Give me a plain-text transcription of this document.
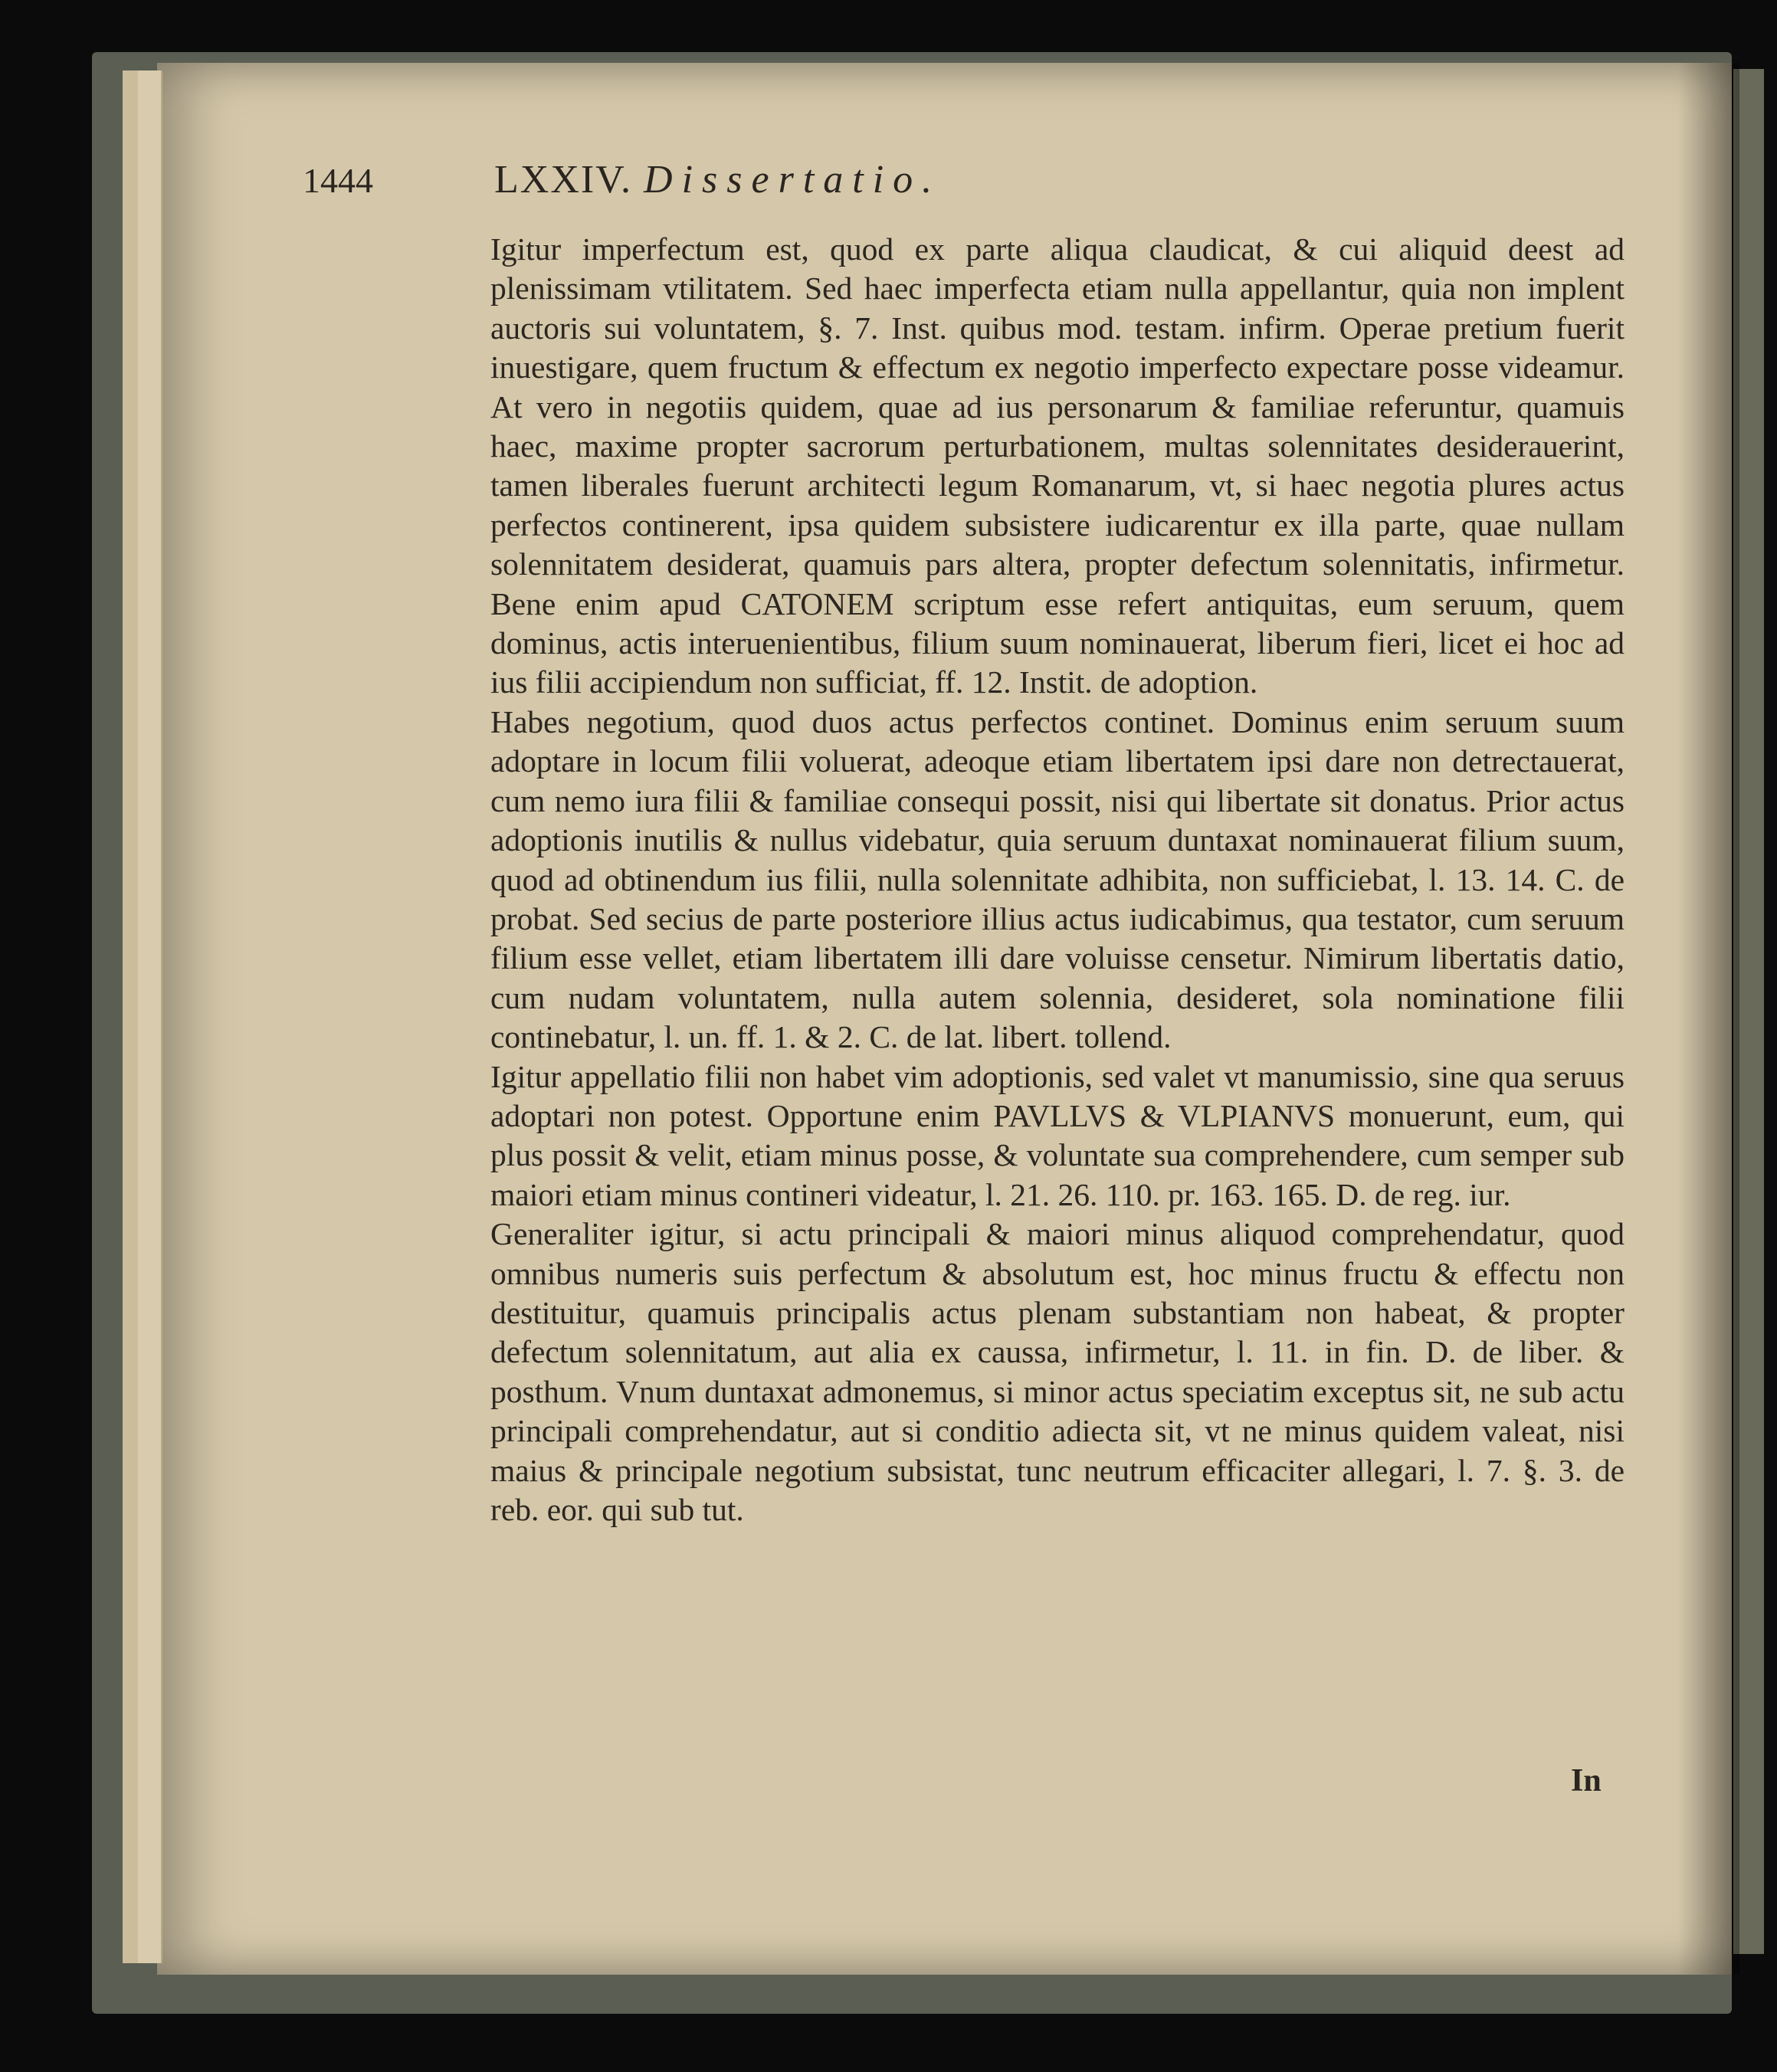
1444	LXXIV. Dissertatio.

Igitur imperfectum est, quod ex parte aliqua claudicat, & cui aliquid deest ad plenissimam vtilitatem. Sed haec imperfecta etiam nulla appellantur, quia non implent auctoris sui voluntatem, §. 7. Inst. quibus mod. testam. infirm. Operae pretium fuerit inuestigare, quem fructum & effectum ex negotio imperfecto expectare posse videamur. At vero in negotiis quidem, quae ad ius personarum & familiae referuntur, quamuis haec, maxime propter sacrorum perturbationem, multas solennitates desiderauerint, tamen liberales fuerunt architecti legum Romanarum, vt, si haec negotia plures actus perfectos continerent, ipsa quidem subsistere iudicarentur ex illa parte, quae nullam solennitatem desiderat, quamuis pars altera, propter defectum solennitatis, infirmetur. Bene enim apud CATONEM scriptum esse refert antiquitas, eum seruum, quem dominus, actis interuenientibus, filium suum nominauerat, liberum fieri, licet ei hoc ad ius filii accipiendum non sufficiat, ff. 12. Instit. de adoption.

Habes negotium, quod duos actus perfectos continet. Dominus enim seruum suum adoptare in locum filii voluerat, adeoque etiam libertatem ipsi dare non detrectauerat, cum nemo iura filii & familiae consequi possit, nisi qui libertate sit donatus. Prior actus adoptionis inutilis & nullus videbatur, quia seruum duntaxat nominauerat filium suum, quod ad obtinendum ius filii, nulla solennitate adhibita, non sufficiebat, l. 13. 14. C. de probat. Sed secius de parte posteriore illius actus iudicabimus, qua testator, cum seruum filium esse vellet, etiam libertatem illi dare voluisse censetur. Nimirum libertatis datio, cum nudam voluntatem, nulla autem solennia, desideret, sola nominatione filii continebatur, l. un. ff. 1. & 2. C. de lat. libert. tollend.

Igitur appellatio filii non habet vim adoptionis, sed valet vt manumissio, sine qua seruus adoptari non potest. Opportune enim PAVLLVS & VLPIANVS monuerunt, eum, qui plus possit & velit, etiam minus posse, & voluntate sua comprehendere, cum semper sub maiori etiam minus contineri videatur, l. 21. 26. 110. pr. 163. 165. D. de reg. iur.

Generaliter igitur, si actu principali & maiori minus aliquod comprehendatur, quod omnibus numeris suis perfectum & absolutum est, hoc minus fructu & effectu non destituitur, quamuis principalis actus plenam substantiam non habeat, & propter defectum solennitatum, aut alia ex caussa, infirmetur, l. 11. in fin. D. de liber. & posthum. Vnum duntaxat admonemus, si minor actus speciatim exceptus sit, ne sub actu principali comprehendatur, aut si conditio adiecta sit, vt ne minus quidem valeat, nisi maius & principale negotium subsistat, tunc neutrum efficaciter allegari, l. 7. §. 3. de reb. eor. qui sub tut.

In
